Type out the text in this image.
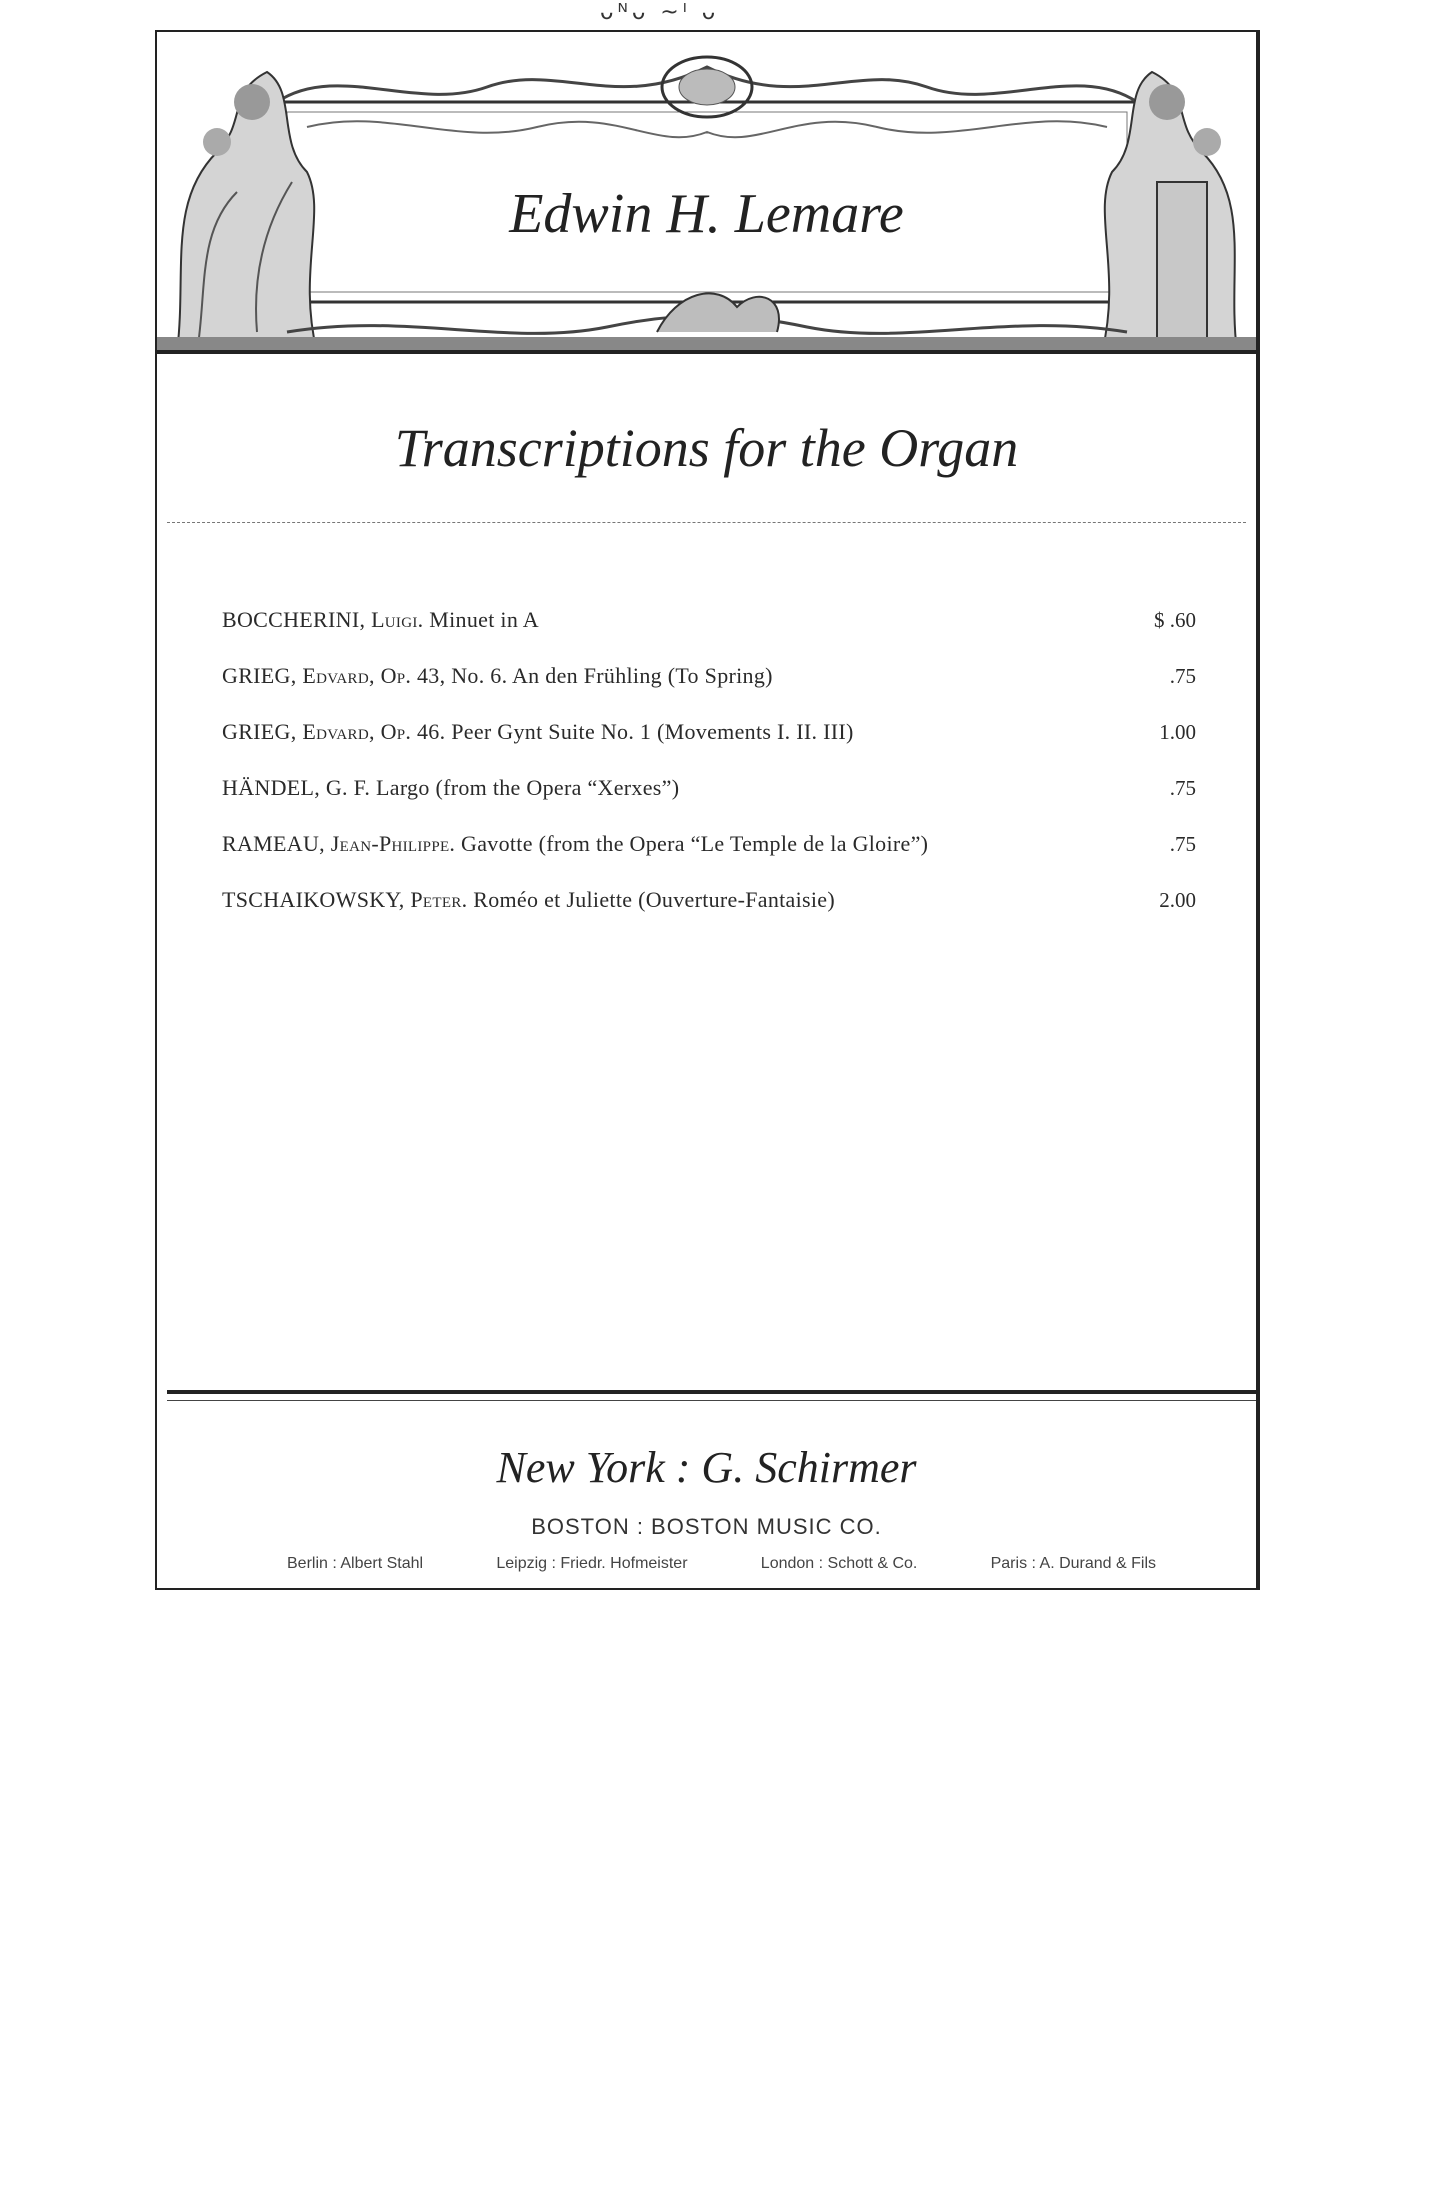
ᴗᴺᴗ ~ᴵ ᴗ
Edwin H. Lemare
Transcriptions for the Organ
BOCCHERINI, Luigi. Minuet in A	$ .60
GRIEG, Edvard, Op. 43, No. 6. An den Frühling (To Spring)	.75
GRIEG, Edvard, Op. 46. Peer Gynt Suite No. 1 (Movements I. II. III)	1.00
HÄNDEL, G. F. Largo (from the Opera “Xerxes”)	.75
RAMEAU, Jean-Philippe. Gavotte (from the Opera “Le Temple de la Gloire”)	.75
TSCHAIKOWSKY, Peter. Roméo et Juliette (Ouverture-Fantaisie)	2.00
New York : G. Schirmer
BOSTON : BOSTON MUSIC CO.
Berlin : Albert Stahl	Leipzig : Friedr. Hofmeister	London : Schott & Co.	Paris : A. Durand & Fils
